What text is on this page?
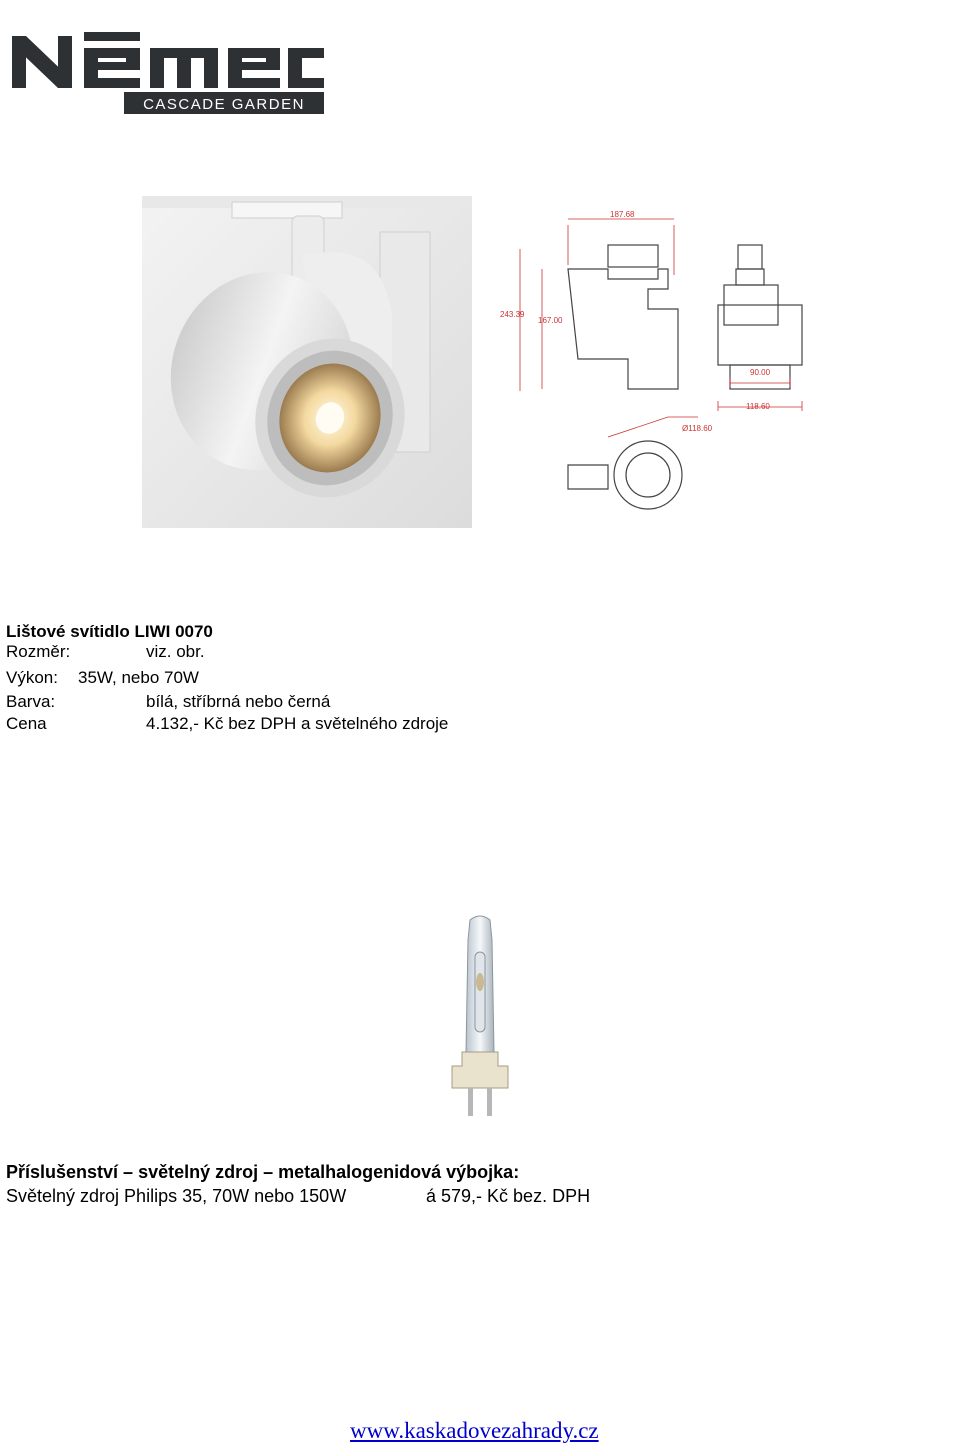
CASCADE GARDEN
187.68
243.39
167.00
90.00
118.60
Ø118.60
Lištové svítidlo LIWI 0070
Rozměr:	viz. obr.
Výkon: 35W, nebo 70W
Barva:	bílá, stříbrná nebo černá
Cena	4.132,- Kč bez DPH a světelného zdroje
Příslušenství – světelný zdroj – metalhalogenidová výbojka:
Světelný zdroj Philips 35, 70W nebo 150W	á 579,- Kč bez. DPH
www.kaskadovezahrady.cz
